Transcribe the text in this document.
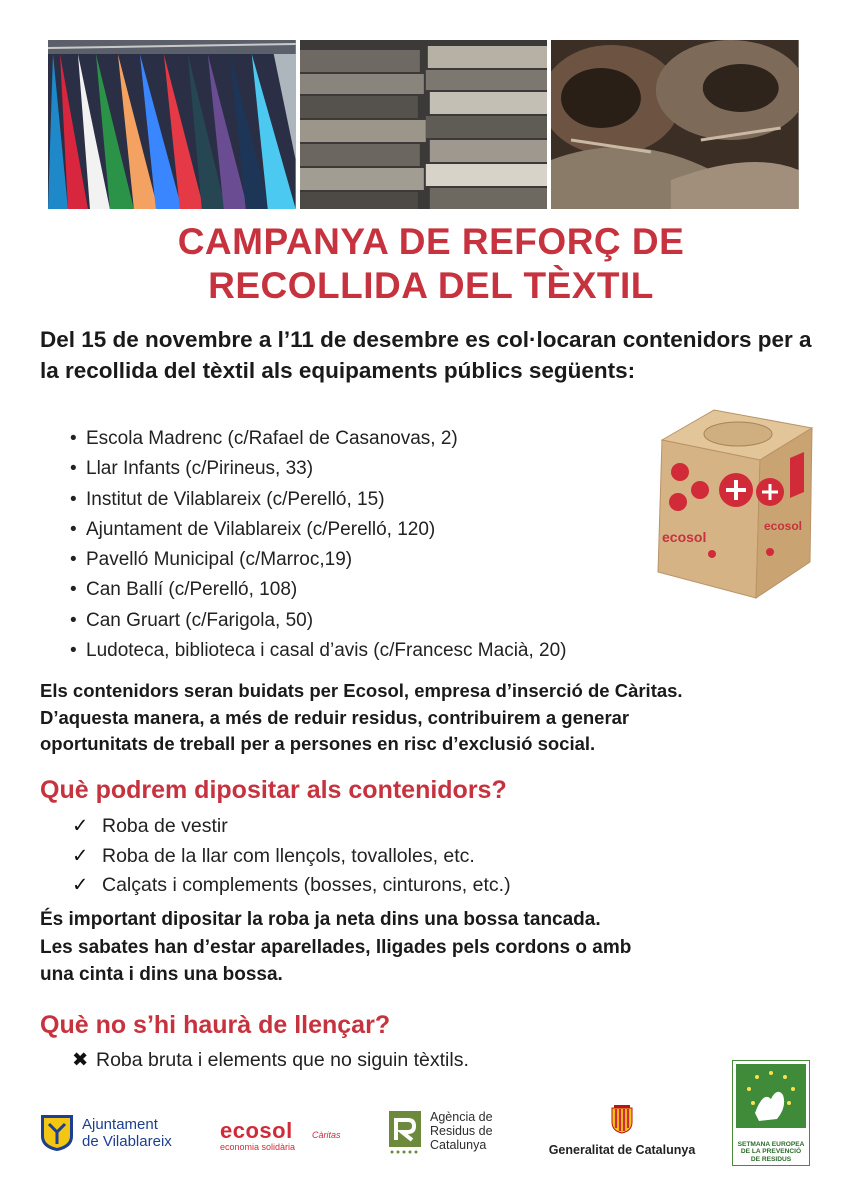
CAMPANYA DE REFORÇ DE
RECOLLIDA DEL TÈXTIL
Del 15 de novembre a l’11 de desembre es col·locaran contenidors per a la recollida del tèxtil als equipaments públics següents:
• Escola Madrenc (c/Rafael de Casanovas, 2)
• Llar Infants (c/Pirineus, 33)
• Institut de Vilablareix (c/Perelló, 15)
• Ajuntament de Vilablareix (c/Perelló, 120)
• Pavelló Municipal (c/Marroc,19)
• Can Ballí (c/Perelló, 108)
• Can Gruart (c/Farigola, 50)
• Ludoteca, biblioteca i casal d’avis (c/Francesc Macià, 20)
ecosol
ecosol
Els contenidors seran buidats per Ecosol, empresa d’inserció de Càritas.
D’aquesta manera, a més de reduir residus, contribuirem a generar
oportunitats de treball per a persones en risc d’exclusió social.
Què podrem dipositar als contenidors?
✓ Roba de vestir
✓ Roba de la llar com llençols, tovalloles, etc.
✓ Calçats i complements (bosses, cinturons, etc.)
És important dipositar la roba ja neta dins una bossa tancada.
Les sabates han d’estar aparellades, lligades pels cordons o amb
una cinta i dins una bossa.
Què no s’hi haurà de llençar?
✖ Roba bruta i elements que no siguin tèxtils.
Ajuntament
de Vilablareix ecosol
economia solidària
Càritas
Agència de
Residus de
Catalunya	Generalitat de Catalunya	SETMANA EUROPEA
DE LA PREVENCIÓ
DE RESIDUS
